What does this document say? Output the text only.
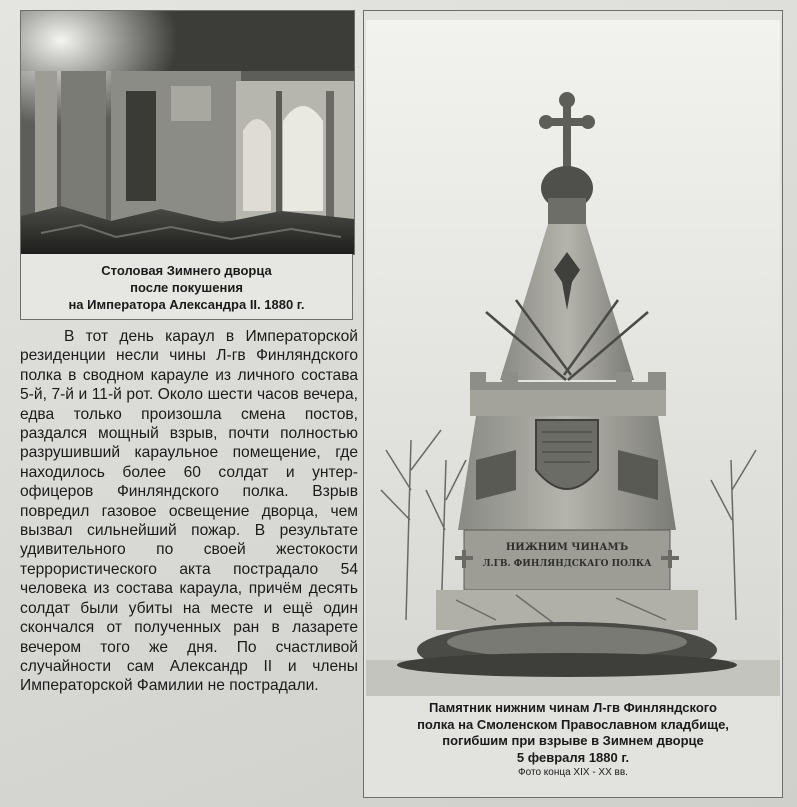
Столовая Зимнего дворца
после покушения
на Императора Александра II. 1880 г.

В тот день караул в Императорской резиденции несли чины Л-гв Финляндского полка в сводном карауле из личного состава 5-й, 7-й и 11-й рот. Около шести часов вечера, едва только произошла смена постов, раздался мощный взрыв, почти полностью разрушивший караульное помещение, где находилось более 60 солдат и унтер-офицеров Финляндского полка. Взрыв повредил газовое освещение дворца, чем вызвал сильнейший пожар. В результате удивительного по своей жестокости террористического акта пострадало 54 человека из состава караула, причём десять солдат были убиты на месте и ещё один скончался от полученных ран в лазарете вечером того же дня. По счастливой случайности сам Александр II и члены Императорской Фамилии не пострадали.

НИЖНИМ ЧИНАМЪ
Л.ГВ. ФИНЛЯНДСКАГО ПОЛКА
Памятник нижним чинам Л-гв Финляндского
полка на Смоленском Православном кладбище,
погибшим при взрыве в Зимнем дворце
5 февраля 1880 г.
Фото конца XIX - XX вв.
